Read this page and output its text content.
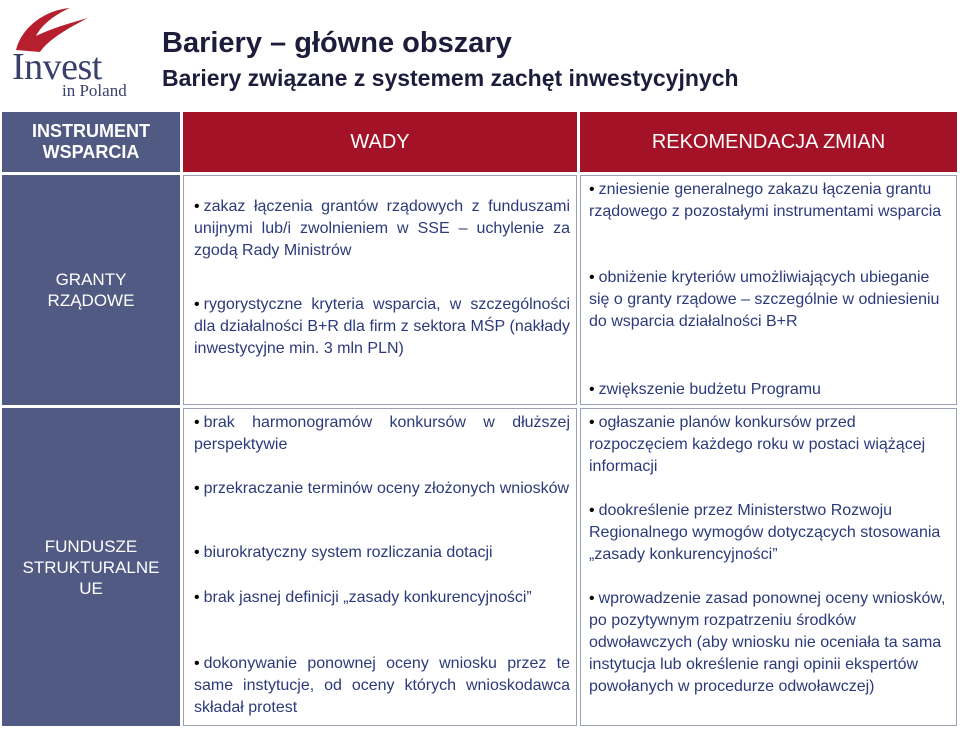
Invest
in Poland
Bariery – główne obszary
Bariery związane z systemem zachęt inwestycyjnych
INSTRUMENT WSPARCIA	WADY	REKOMENDACJA ZMIAN
GRANTY RZĄDOWE
• zakaz łączenia grantów rządowych z funduszami unijnymi lub/i zwolnieniem w SSE – uchylenie za zgodą Rady Ministrów
• rygorystyczne kryteria wsparcia, w szczególności dla działalności B+R dla firm z sektora MŚP (nakłady inwestycyjne min. 3 mln PLN)
• zniesienie generalnego zakazu łączenia grantu rządowego z pozostałymi instrumentami wsparcia
• obniżenie kryteriów umożliwiających ubieganie się o granty rządowe – szczególnie w odniesieniu do wsparcia działalności B+R
• zwiększenie budżetu Programu
FUNDUSZE STRUKTURALNE UE
• brak harmonogramów konkursów w dłuższej perspektywie
• przekraczanie terminów oceny złożonych wniosków
• biurokratyczny system rozliczania dotacji
• brak jasnej definicji „zasady konkurencyjności”
• dokonywanie ponownej oceny wniosku przez te same instytucje, od oceny których wnioskodawca składał protest
• ogłaszanie planów konkursów przed rozpoczęciem każdego roku w postaci wiążącej informacji
• dookreślenie przez Ministerstwo Rozwoju Regionalnego wymogów dotyczących stosowania „zasady konkurencyjności”
• wprowadzenie zasad ponownej oceny wniosków, po pozytywnym rozpatrzeniu środków odwoławczych (aby wniosku nie oceniała ta sama instytucja lub określenie rangi opinii ekspertów powołanych w procedurze odwoławczej)
